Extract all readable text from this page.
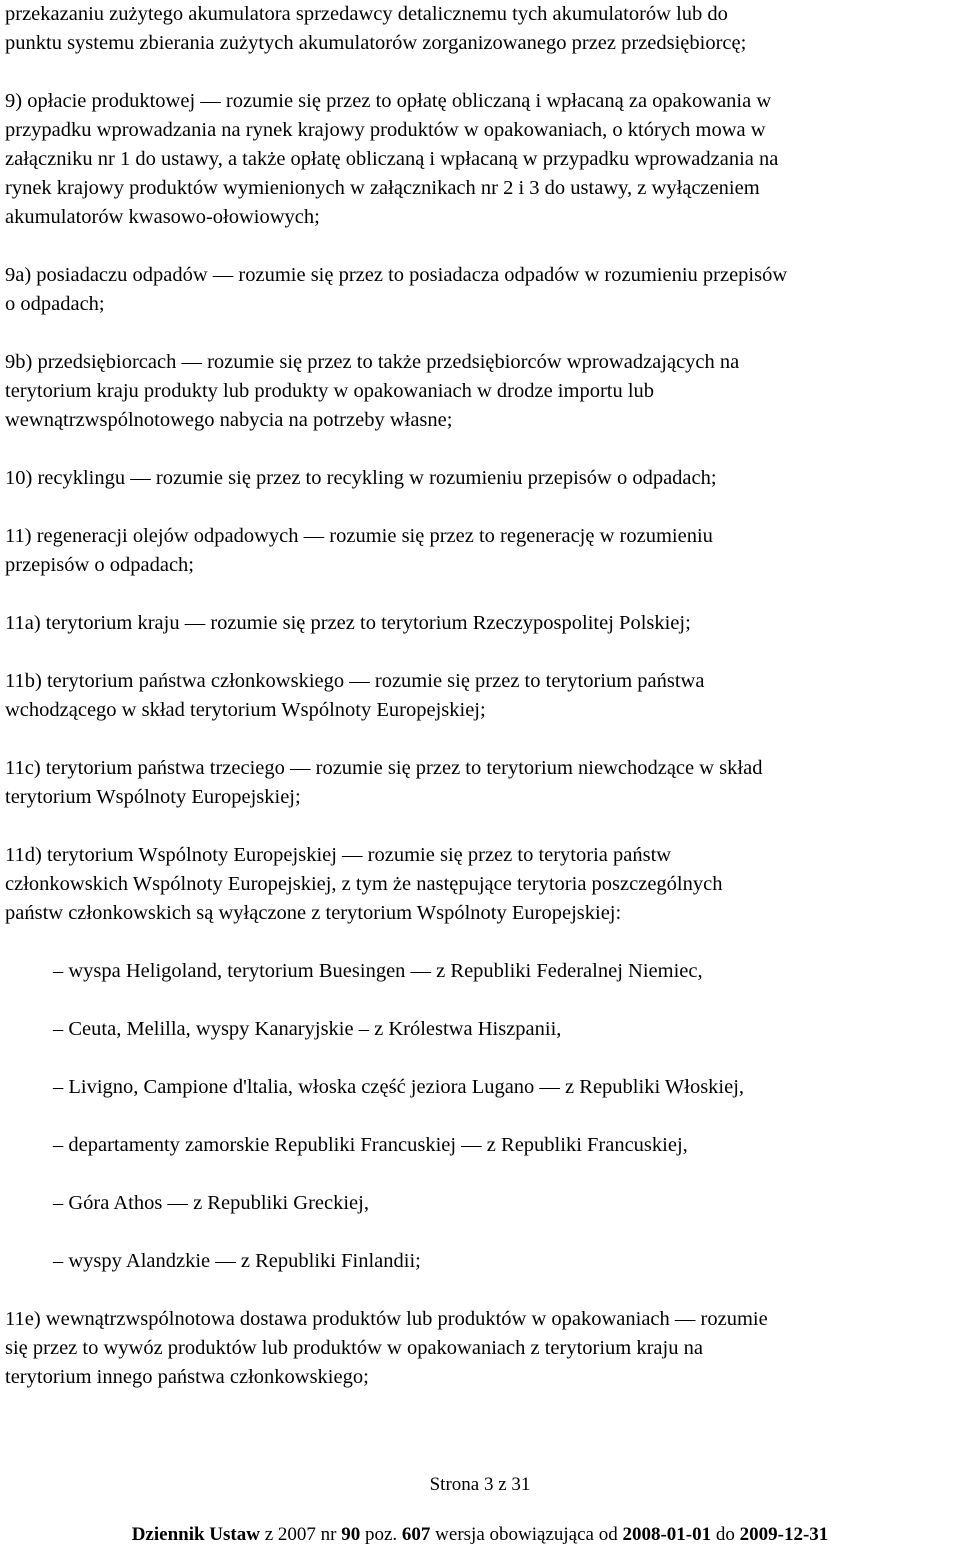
przekazaniu zużytego akumulatora sprzedawcy detalicznemu tych akumulatorów lub do
punktu systemu zbierania zużytych akumulatorów zorganizowanego przez przedsiębiorcę;
9) opłacie produktowej — rozumie się przez to opłatę obliczaną i wpłacaną za opakowania w
przypadku wprowadzania na rynek krajowy produktów w opakowaniach, o których mowa w
załączniku nr 1 do ustawy, a także opłatę obliczaną i wpłacaną w przypadku wprowadzania na
rynek krajowy produktów wymienionych w załącznikach nr 2 i 3 do ustawy, z wyłączeniem
akumulatorów kwasowo-ołowiowych;
9a) posiadaczu odpadów — rozumie się przez to posiadacza odpadów w rozumieniu przepisów
o odpadach;
9b) przedsiębiorcach — rozumie się przez to także przedsiębiorców wprowadzających na
terytorium kraju produkty lub produkty w opakowaniach w drodze importu lub
wewnątrzwspólnotowego nabycia na potrzeby własne;
10) recyklingu — rozumie się przez to recykling w rozumieniu przepisów o odpadach;
11) regeneracji olejów odpadowych — rozumie się przez to regenerację w rozumieniu
przepisów o odpadach;
11a) terytorium kraju — rozumie się przez to terytorium Rzeczypospolitej Polskiej;
11b) terytorium państwa członkowskiego — rozumie się przez to terytorium państwa
wchodzącego w skład terytorium Wspólnoty Europejskiej;
11c) terytorium państwa trzeciego — rozumie się przez to terytorium niewchodzące w skład
terytorium Wspólnoty Europejskiej;
11d) terytorium Wspólnoty Europejskiej — rozumie się przez to terytoria państw
członkowskich Wspólnoty Europejskiej, z tym że następujące terytoria poszczególnych
państw członkowskich są wyłączone z terytorium Wspólnoty Europejskiej:
– wyspa Heligoland, terytorium Buesingen — z Republiki Federalnej Niemiec,
– Ceuta, Melilla, wyspy Kanaryjskie – z Królestwa Hiszpanii,
– Livigno, Campione d'ltalia, włoska część jeziora Lugano — z Republiki Włoskiej,
– departamenty zamorskie Republiki Francuskiej — z Republiki Francuskiej,
– Góra Athos — z Republiki Greckiej,
– wyspy Alandzkie — z Republiki Finlandii;
11e) wewnątrzwspólnotowa dostawa produktów lub produktów w opakowaniach — rozumie
się przez to wywóz produktów lub produktów w opakowaniach z terytorium kraju na
terytorium innego państwa członkowskiego;
Strona 3 z 31
Dziennik Ustaw z 2007 nr 90 poz. 607 wersja obowiązująca od 2008-01-01 do 2009-12-31
